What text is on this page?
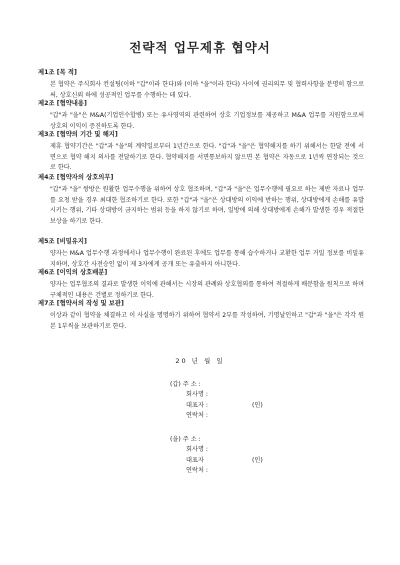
전략적 업무제휴 협약서
제1조 [목 적]
본 협약은 주식회사 컨설팅(이하 "갑"이라 한다)와 (이하 "을"이라 한다) 사이에 권리의무 및 협력사항을 분명히 함으로써, 상호신뢰 하에 성공적인 업무를 수행하는 데 있다.
제2조 [협약내용]
"갑"과 "을"은 M&A(기업인수합병) 또는 유사영역의 관련하여 상호 기업정보를 제공하고 M&A 업무를 지원함으로써 상호의 이익이 증진하도록 한다.
제3조 [협약의 기간 및 해지]
제휴 협약기간은 "갑"과 "을"의 계약일로부터 1년간으로 한다. "갑"과 "을"은 협약해지를 하기 위해서는 한달 전에 서면으로 협약 해지 의사를 전달하기로 한다. 협약해지를 서면통보하지 않으면 본 협약은 자동으로 1년씩 연장되는 것으로 한다.
제4조 [협약자의 상호의무]
"갑"과 "을" 쌍방은 원활한 업무수행을 위하여 상호 협조하며, "갑"과 "을"은 업무수행에 필요로 하는 제반 자료나 업무를 요청 받을 경우 최대한 협조하기로 한다. 또한 "갑"과 "을"은 상대방의 이익에 반하는 행위, 상대방에게 손해를 유발시키는 행위, 기타 상대방이 금지하는 범위 등을 하지 않기로 하며, 일방에 의해 상대방에게 손해가 발생한 경우 적절한 보상을 하기로 한다.
제5조 [비밀유지]
양자는 M&A 업무수행 과정에서나 업무수행이 완료된 후에도 업무를 통해 습수하거나 교환한 업무 거밀 정보를 비밀유지하며, 상호간 사전승인 없이 제 3자에게 공개 또는 유출하지 아니한다.
제6조 [이익의 상호배분]
양자는 업무협조의 결과로 발생한 이익에 관해서는 시장의 관례와 상호협의를 통하여 적절하게 배분함을 원칙으로 하며 구체적인 내용은 건별로 정하기로 한다.
제7조 [협약서의 작성 및 보관]
이상과 같이 협약을 체결하고 이 사실을 명명하기 위하여 협약서 2부를 작성하여, 기명날인하고 "갑"과 "을"은 각각 원본 1부씩을 보관하기로 한다.
20 년 월 일
(갑) 주 소 :
회사명 :
대표자 :	(인)
연락처 :
(을) 주 소 :
회사명 :
대표자	(인)
연락처 :
